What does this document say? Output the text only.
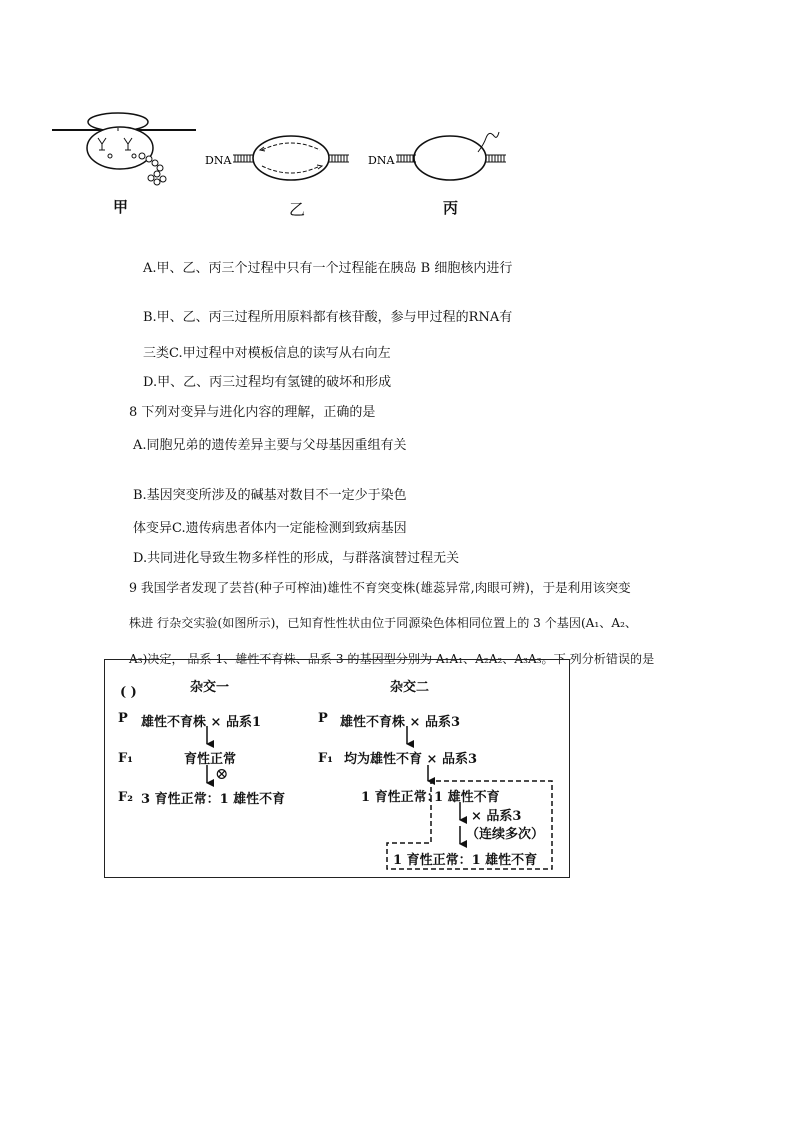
DNA	DNA
甲	乙	丙
A.甲、乙、丙三个过程中只有一个过程能在胰岛 B 细胞核内进行
B.甲、乙、丙三过程所用原料都有核苷酸，参与甲过程的RNA有
三类C.甲过程中对模板信息的读写从右向左
D.甲、乙、丙三过程均有氢键的破坏和形成
8 下列对变异与进化内容的理解，正确的是
A.同胞兄弟的遗传差异主要与父母基因重组有关
B.基因突变所涉及的碱基对数目不一定少于染色
体变异C.遗传病患者体内一定能检测到致病基因
D.共同进化导致生物多样性的形成，与群落演替过程无关
9 我国学者发现了芸苔(种子可榨油)雄性不育突变株(雄蕊异常,肉眼可辨)，于是利用该突变
株进 行杂交实验(如图所示)，已知育性性状由位于同源染色体相同位置上的 3 个基因(A₁、A₂、
A₃)决定， 品系 1、雄性不育株、品系 3 的基因型分别为 A₁A₁、A₂A₂、A₃A₃。下 列分析错误的是
( )	杂交一
P 雄性不育株 × 品系1
F₁	育性正常
⊗
F₂ 3 育性正常：1 雄性不育
杂交二
P 雄性不育株 × 品系3
F₁ 均为雄性不育 × 品系3
1 育性正常：
1 雄性不育
× 品系3
（连续多次）
1 育性正常：1 雄性不育
